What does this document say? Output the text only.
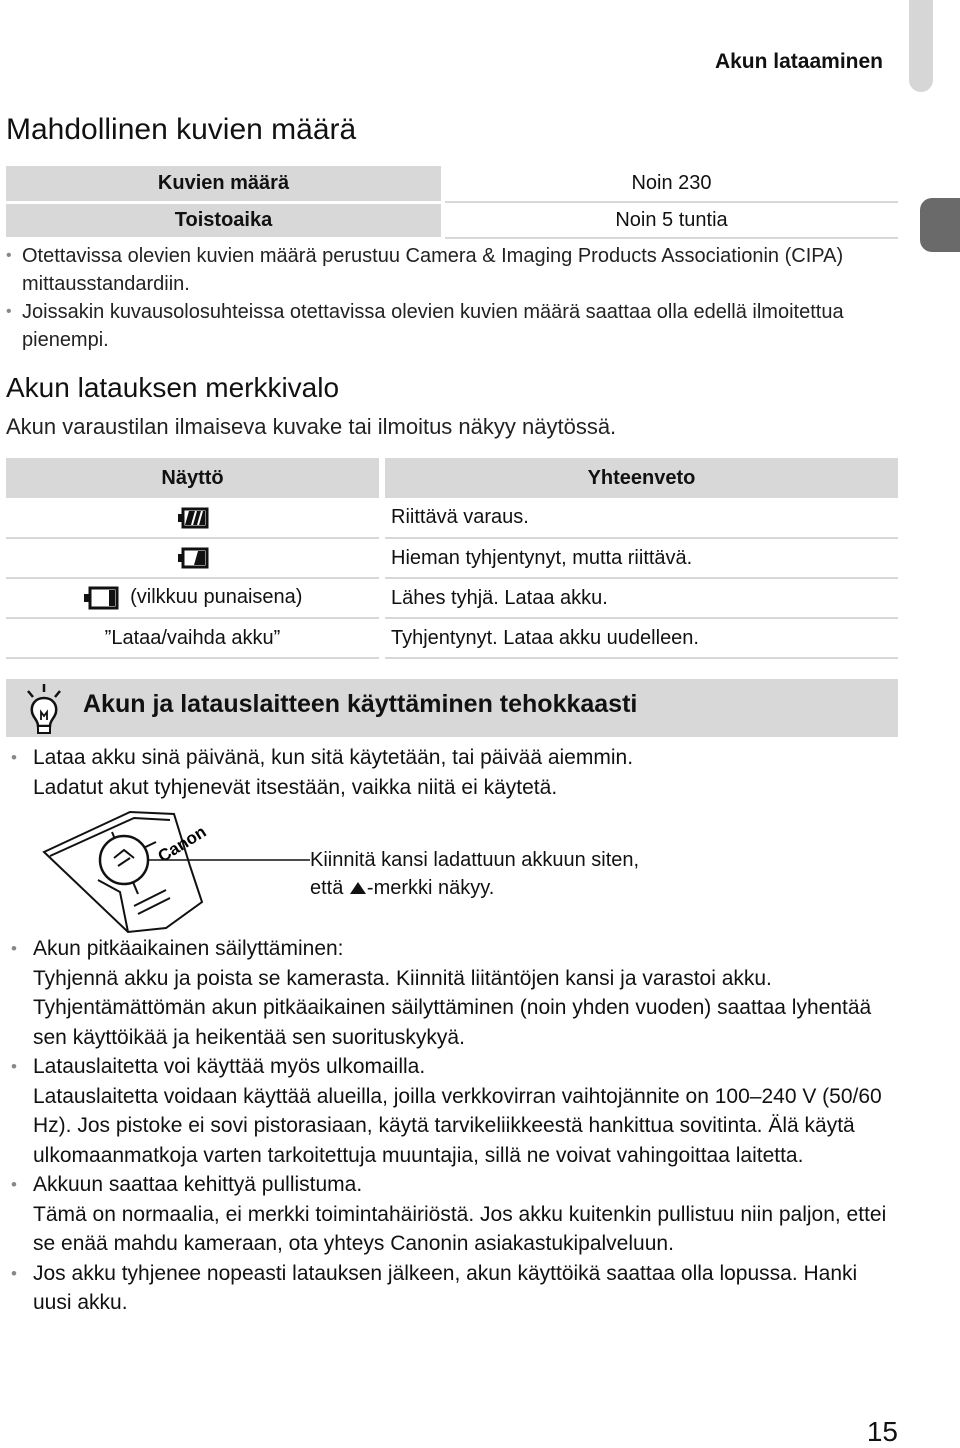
Akun lataaminen
Mahdollinen kuvien määrä
Kuvien määrä	Noin 230
Toistoaika	Noin 5 tuntia
• Otettavissa olevien kuvien määrä perustuu Camera & Imaging Products Associationin (CIPA) mittausstandardiin.
• Joissakin kuvausolosuhteissa otettavissa olevien kuvien määrä saattaa olla edellä ilmoitettua pienempi.
Akun latauksen merkkivalo

Akun varaustilan ilmaiseva kuvake tai ilmoitus näkyy näytössä.

Näyttö	Yhteenveto
	Riittävä varaus.
	Hieman tyhjentynyt, mutta riittävä.
(vilkkuu punaisena)	Lähes tyhjä. Lataa akku.
”Lataa/vaihda akku”	Tyhjentynyt. Lataa akku uudelleen.
Akun ja latauslaitteen käyttäminen tehokkaasti
• Lataa akku sinä päivänä, kun sitä käytetään, tai päivää aiemmin.
Ladatut akut tyhjenevät itsestään, vaikka niitä ei käytetä.
Canon	Kiinnitä kansi ladattuun akkuun siten,
että -merkki näkyy.
• Akun pitkäaikainen säilyttäminen:
Tyhjennä akku ja poista se kamerasta. Kiinnitä liitäntöjen kansi ja varastoi akku. Tyhjentämättömän akun pitkäaikainen säilyttäminen (noin yhden vuoden) saattaa lyhentää sen käyttöikää ja heikentää sen suorituskykyä.
• Latauslaitetta voi käyttää myös ulkomailla.
Latauslaitetta voidaan käyttää alueilla, joilla verkkovirran vaihtojännite on 100–240 V (50/60 Hz). Jos pistoke ei sovi pistorasiaan, käytä tarvikeliikkeestä hankittua sovitinta. Älä käytä ulkomaanmatkoja varten tarkoitettuja muuntajia, sillä ne voivat vahingoittaa laitetta.
• Akkuun saattaa kehittyä pullistuma.
Tämä on normaalia, ei merkki toimintahäiriöstä. Jos akku kuitenkin pullistuu niin paljon, ettei se enää mahdu kameraan, ota yhteys Canonin asiakastukipalveluun.
• Jos akku tyhjenee nopeasti latauksen jälkeen, akun käyttöikä saattaa olla lopussa. Hanki uusi akku.
15
